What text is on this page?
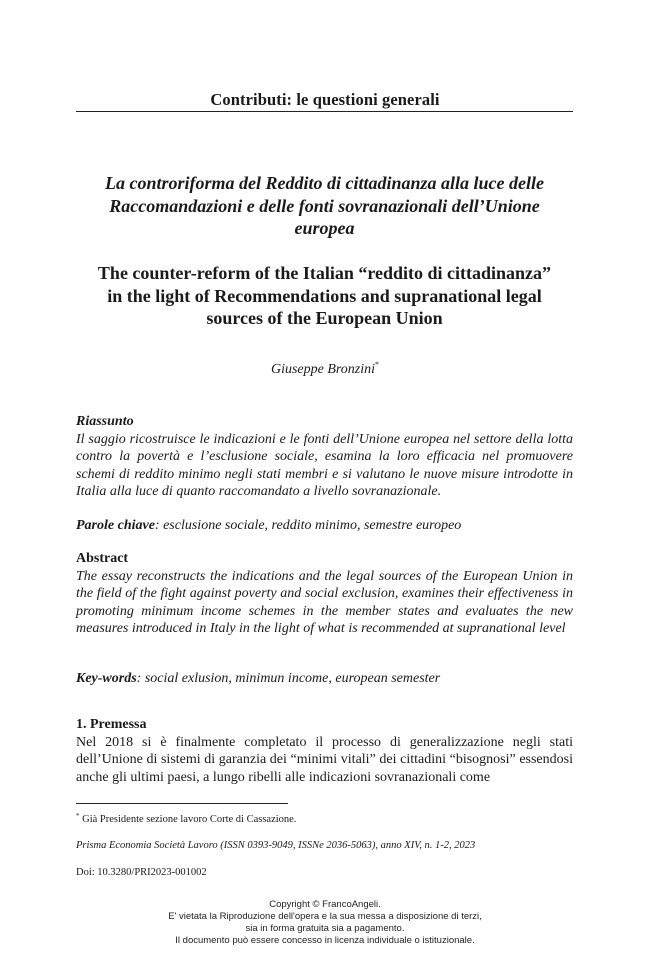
Contributi: le questioni generali
La controriforma del Reddito di cittadinanza alla luce delle
Raccomandazioni e delle fonti sovranazionali dell’Unione
europea
The counter-reform of the Italian “reddito di cittadinanza”
in the light of Recommendations and supranational legal
sources of the European Union
Giuseppe Bronzini*
Riassunto
Il saggio ricostruisce le indicazioni e le fonti dell’Unione europea nel settore della lotta contro la povertà e l’esclusione sociale, esamina la loro efficacia nel promuovere schemi di reddito minimo negli stati membri e si valutano le nuove misure introdotte in Italia alla luce di quanto raccomandato a livello sovranazionale.
Parole chiave: esclusione sociale, reddito minimo, semestre europeo
Abstract
The essay reconstructs the indications and the legal sources of the European Union in the field of the fight against poverty and social exclusion, examines their effectiveness in promoting minimum income schemes in the member states and evaluates the new measures introduced in Italy in the light of what is recommended at supranational level
Key-words: social exlusion, minimun income, european semester
1. Premessa
Nel 2018 si è finalmente completato il processo di generalizzazione negli stati dell’Unione di sistemi di garanzia dei “minimi vitali” dei cittadini “bisognosi” essendosi anche gli ultimi paesi, a lungo ribelli alle indicazioni sovranazionali come
* Già Presidente sezione lavoro Corte di Cassazione.
Prisma Economia Società Lavoro (ISSN 0393-9049, ISSNe 2036-5063), anno XIV, n. 1-2, 2023
Doi: 10.3280/PRI2023-001002
Copyright © FrancoAngeli.
E' vietata la Riproduzione dell'opera e la sua messa a disposizione di terzi,
sia in forma gratuita sia a pagamento.
Il documento può essere concesso in licenza individuale o istituzionale.
